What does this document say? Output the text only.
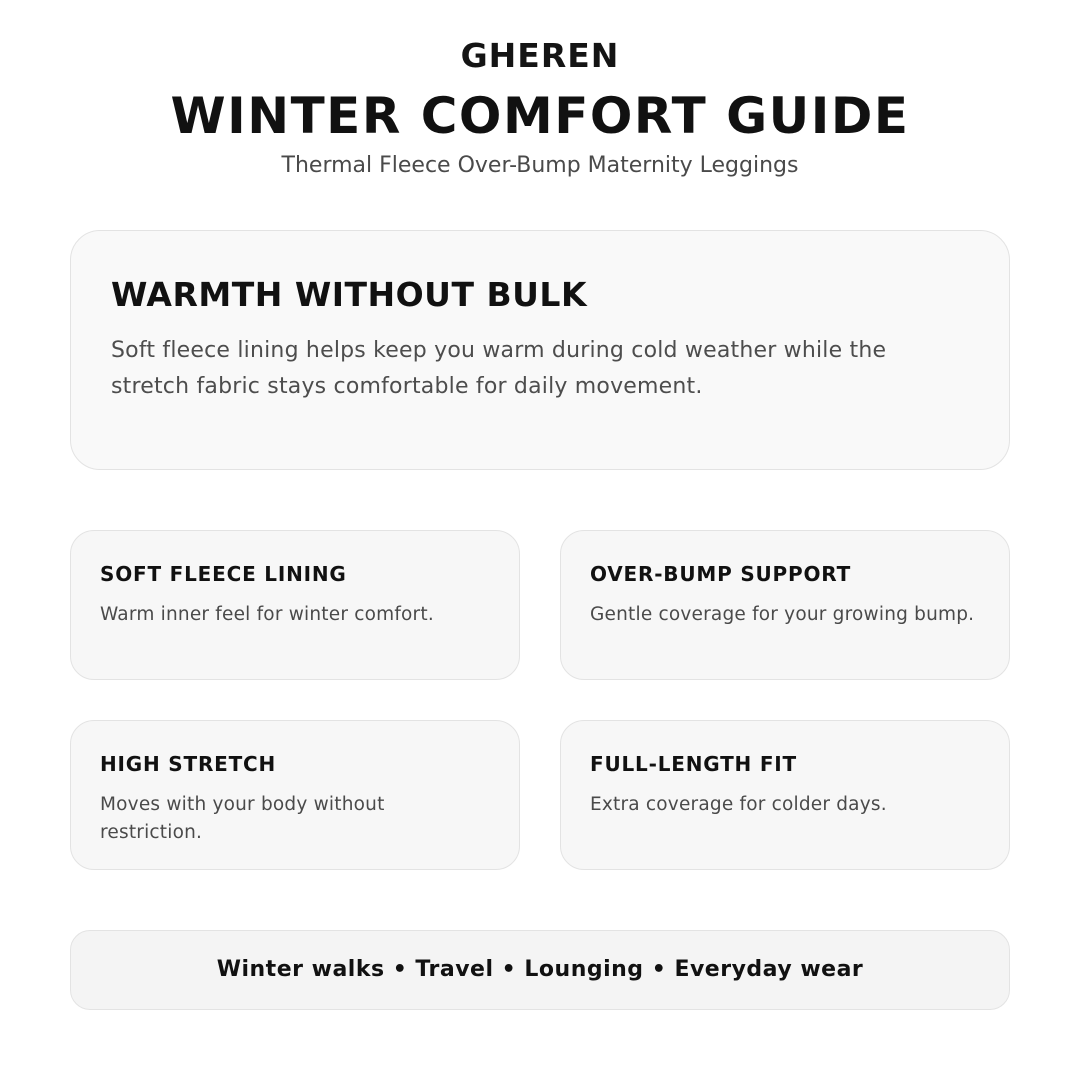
GHEREN
WINTER COMFORT GUIDE
Thermal Fleece Over-Bump Maternity Leggings
WARMTH WITHOUT BULK
Soft fleece lining helps keep you warm during cold weather while the stretch fabric stays comfortable for daily movement.
SOFT FLEECE LINING
Warm inner feel for winter comfort.
OVER-BUMP SUPPORT
Gentle coverage for your growing bump.
HIGH STRETCH
Moves with your body without restriction.
FULL-LENGTH FIT
Extra coverage for colder days.
Winter walks • Travel • Lounging • Everyday wear
